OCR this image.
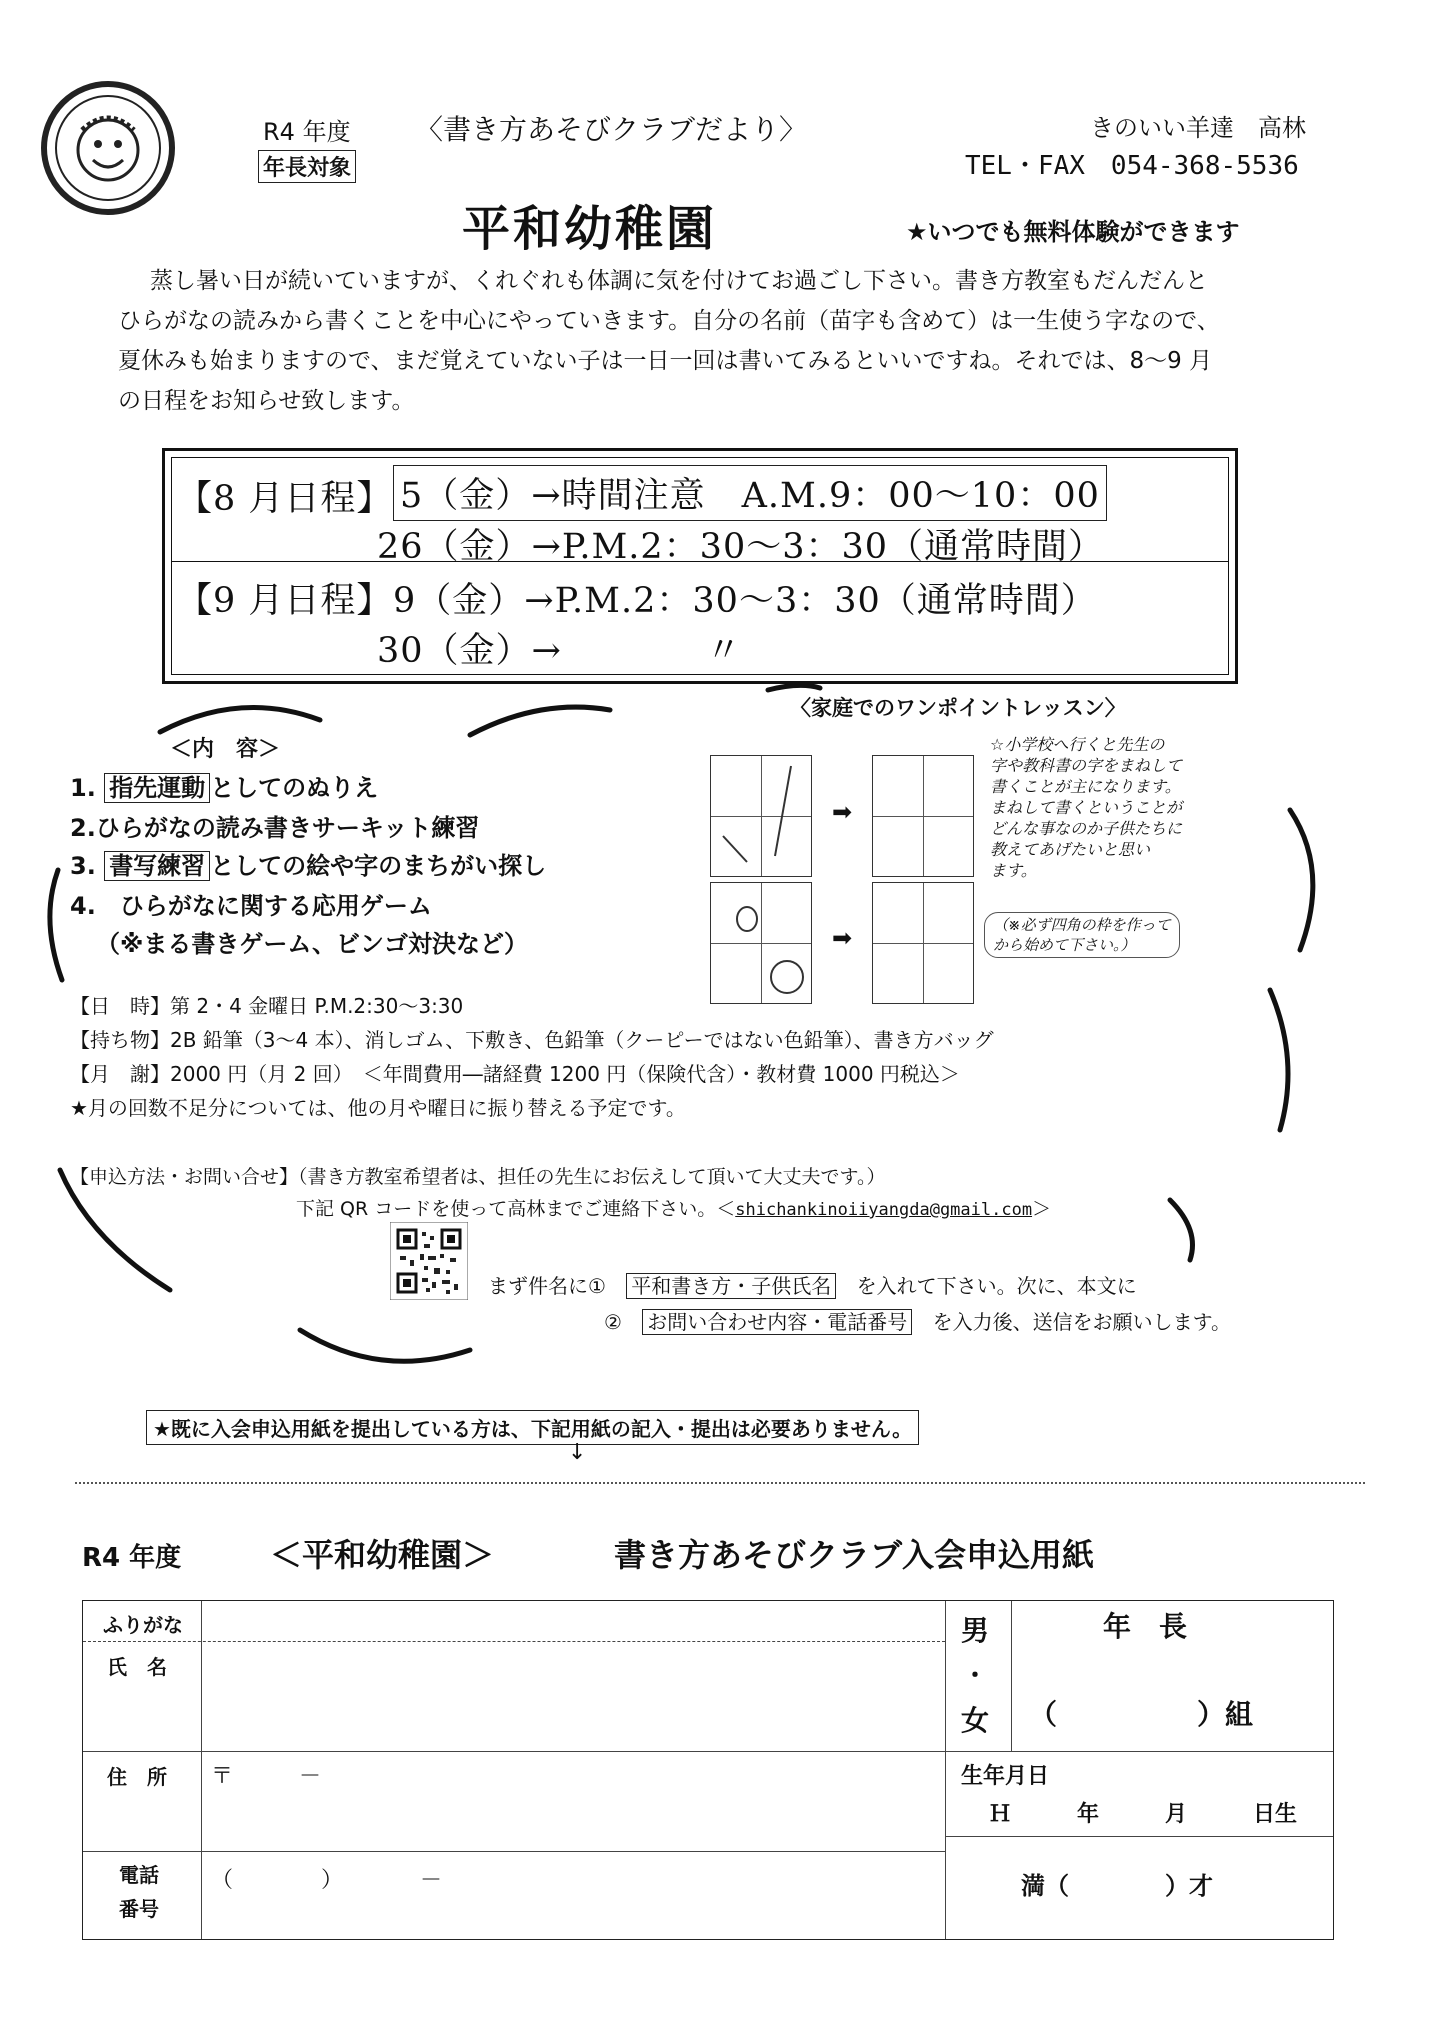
R4 年度
年長対象
〈書き方あそびクラブだより〉	きのいい羊達　高林
TEL・FAX　054-368-5536
平和幼稚園	★いつでも無料体験ができます
蒸し暑い日が続いていますが、くれぐれも体調に気を付けてお過ごし下さい。書き方教室もだんだんと
ひらがなの読みから書くことを中心にやっていきます。自分の名前（苗字も含めて）は一生使う字なので、
夏休みも始まりますので、まだ覚えていない子は一日一回は書いてみるといいですね。それでは、8～9 月
の日程をお知らせ致します。
【8 月日程】 5（金）→時間注意　A.M.9：00～10：00
26（金）→P.M.2：30～3：30（通常時間）
【9 月日程】 9（金）→P.M.2：30～3：30（通常時間）
30（金）→　　　　〃
＜内　容＞
1. 指先運動 としてのぬりえ
2.ひらがなの読み書きサーキット練習
3. 書写練習 としての絵や字のまちがい探し
4.　ひらがなに関する応用ゲーム
（※まる書きゲーム、ビンゴ対決など）
〈家庭でのワンポイントレッスン〉
➡
➡
☆小学校へ行くと先生の
字や教科書の字をまねして
書くことが主になります。
まねして書くということが
どんな事なのか子供たちに
教えてあげたいと思い
ます。
（※必ず四角の枠を作って
から始めて下さい。）
【日　時】第 2・4 金曜日 P.M.2:30～3:30
【持ち物】2B 鉛筆（3～4 本）、消しゴム、下敷き、色鉛筆（クーピーではない色鉛筆）、書き方バッグ
【月　謝】2000 円（月 2 回）　＜年間費用―諸経費 1200 円（保険代含）・教材費 1000 円税込＞
★月の回数不足分については、他の月や曜日に振り替える予定です。
【申込方法・お問い合せ】（書き方教室希望者は、担任の先生にお伝えして頂いて大丈夫です。）
下記 QR コードを使って高林までご連絡下さい。＜shichankinoiiyangda@gmail.com＞
まず件名に① 平和書き方・子供氏名 を入れて下さい。次に、本文に
② お問い合わせ内容・電話番号 を入力後、送信をお願いします。
★既に入会申込用紙を提出している方は、下記用紙の記入・提出は必要ありません。
↓
R4 年度	＜平和幼稚園＞	書き方あそびクラブ入会申込用紙
ふりがな
氏　名
住　所 〒　　　－
電話
番号
（　　　　）　　　　－
男
・
女
年　長
（　　　　　）組
生年月日
Ｈ　　　年　　　月　　　日生
満（　　　　）才
